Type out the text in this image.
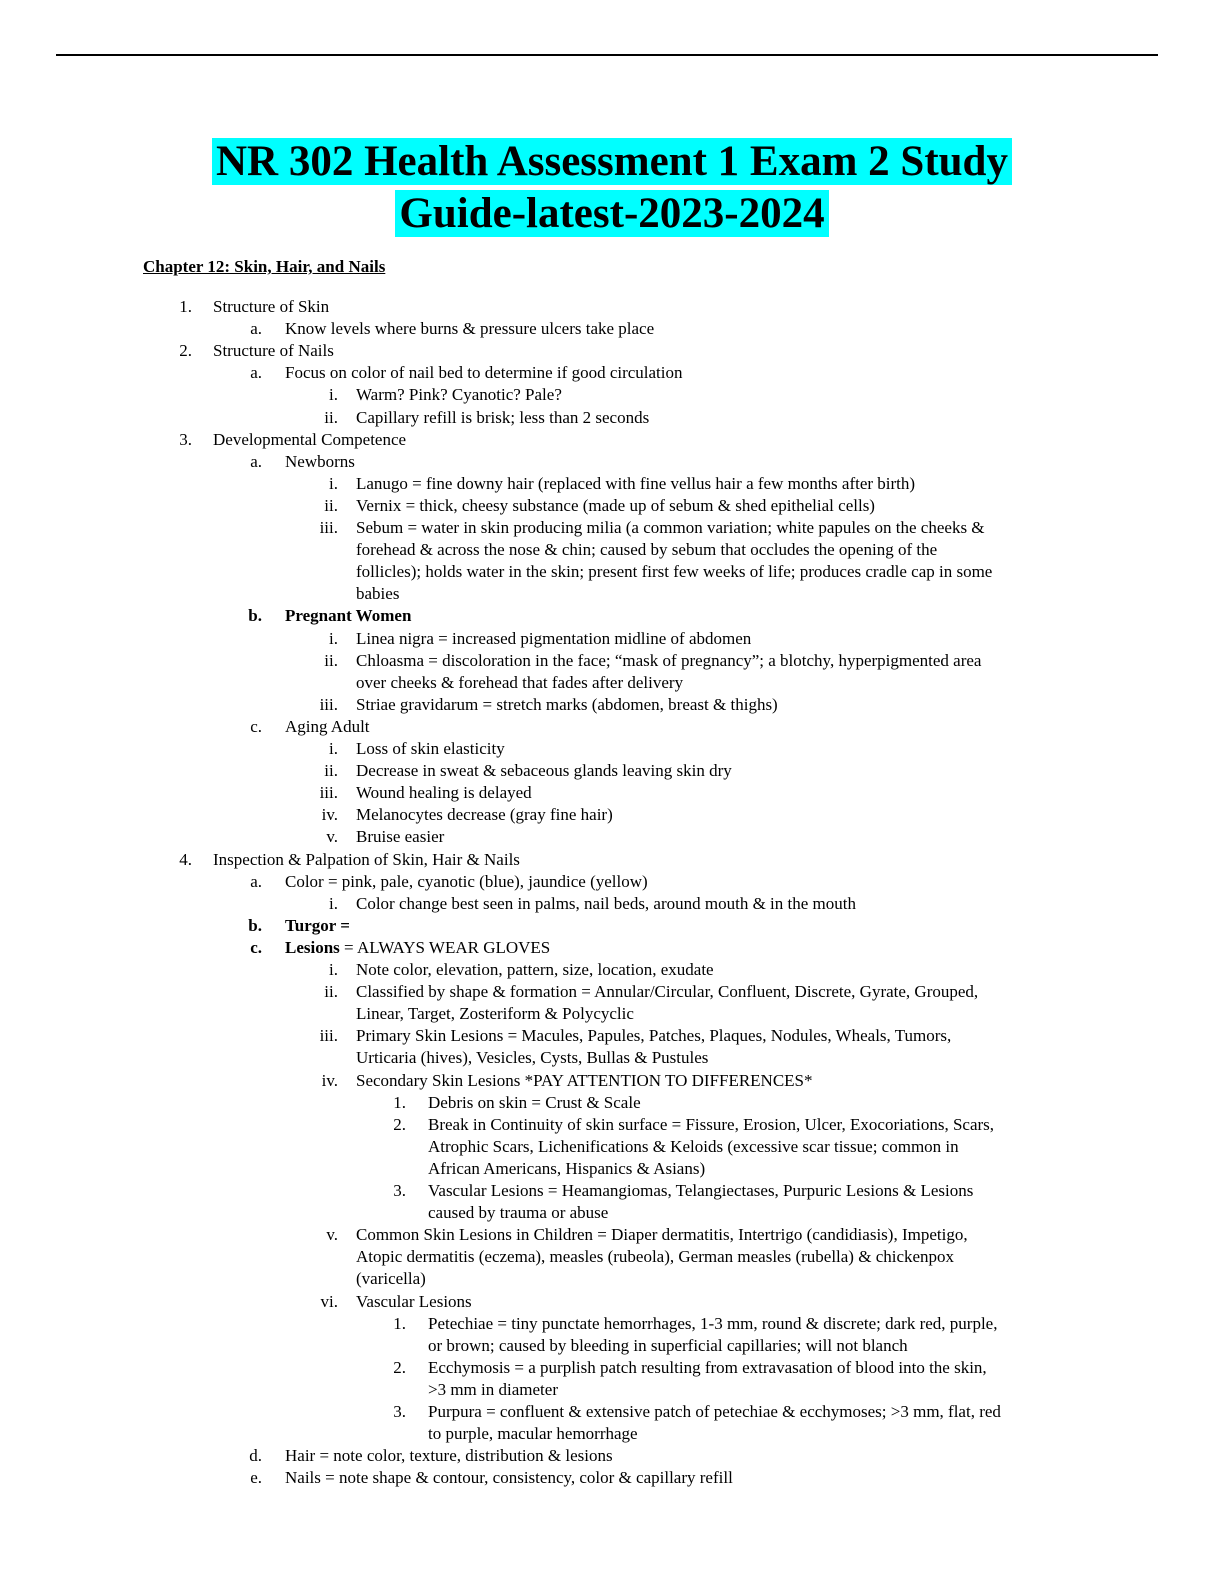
NR 302 Health Assessment 1 Exam 2 Study
Guide-latest-2023-2024
Chapter 12: Skin, Hair, and Nails
1. Structure of Skin
a. Know levels where burns & pressure ulcers take place
2. Structure of Nails
a. Focus on color of nail bed to determine if good circulation
i. Warm? Pink? Cyanotic? Pale?
ii. Capillary refill is brisk; less than 2 seconds
3. Developmental Competence
a. Newborns
i. Lanugo = fine downy hair (replaced with fine vellus hair a few months after birth)
ii. Vernix = thick, cheesy substance (made up of sebum & shed epithelial cells)
iii. Sebum = water in skin producing milia (a common variation; white papules on the cheeks &
forehead & across the nose & chin; caused by sebum that occludes the opening of the
follicles); holds water in the skin; present first few weeks of life; produces cradle cap in some
babies
b. Pregnant Women
i. Linea nigra = increased pigmentation midline of abdomen
ii. Chloasma = discoloration in the face; “mask of pregnancy”; a blotchy, hyperpigmented area
over cheeks & forehead that fades after delivery
iii. Striae gravidarum = stretch marks (abdomen, breast & thighs)
c. Aging Adult
i. Loss of skin elasticity
ii. Decrease in sweat & sebaceous glands leaving skin dry
iii. Wound healing is delayed
iv. Melanocytes decrease (gray fine hair)
v. Bruise easier
4. Inspection & Palpation of Skin, Hair & Nails
a. Color = pink, pale, cyanotic (blue), jaundice (yellow)
i. Color change best seen in palms, nail beds, around mouth & in the mouth
b. Turgor =
c. Lesions = ALWAYS WEAR GLOVES
i. Note color, elevation, pattern, size, location, exudate
ii. Classified by shape & formation = Annular/Circular, Confluent, Discrete, Gyrate, Grouped,
Linear, Target, Zosteriform & Polycyclic
iii. Primary Skin Lesions = Macules, Papules, Patches, Plaques, Nodules, Wheals, Tumors,
Urticaria (hives), Vesicles, Cysts, Bullas & Pustules
iv. Secondary Skin Lesions *PAY ATTENTION TO DIFFERENCES*
1. Debris on skin = Crust & Scale
2. Break in Continuity of skin surface = Fissure, Erosion, Ulcer, Exocoriations, Scars,
Atrophic Scars, Lichenifications & Keloids (excessive scar tissue; common in
African Americans, Hispanics & Asians)
3. Vascular Lesions = Heamangiomas, Telangiectases, Purpuric Lesions & Lesions
caused by trauma or abuse
v. Common Skin Lesions in Children = Diaper dermatitis, Intertrigo (candidiasis), Impetigo,
Atopic dermatitis (eczema), measles (rubeola), German measles (rubella) & chickenpox
(varicella)
vi. Vascular Lesions
1. Petechiae = tiny punctate hemorrhages, 1-3 mm, round & discrete; dark red, purple,
or brown; caused by bleeding in superficial capillaries; will not blanch
2. Ecchymosis = a purplish patch resulting from extravasation of blood into the skin,
>3 mm in diameter
3. Purpura = confluent & extensive patch of petechiae & ecchymoses; >3 mm, flat, red
to purple, macular hemorrhage
d. Hair = note color, texture, distribution & lesions
e. Nails = note shape & contour, consistency, color & capillary refill
